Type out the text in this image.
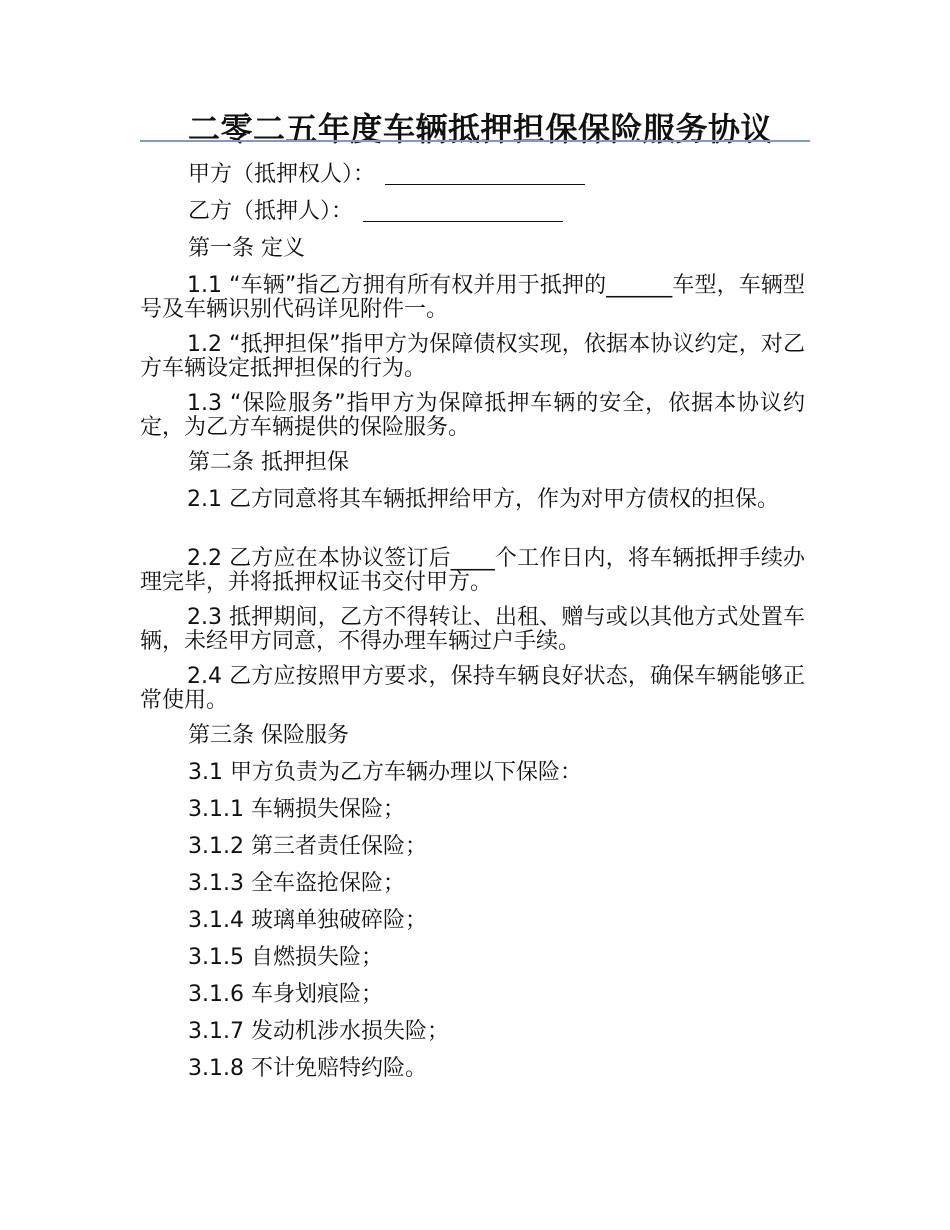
二零二五年度车辆抵押担保保险服务协议
甲方（抵押权人）：
乙方（抵押人）：
第一条 定义
1.1 “车辆”指乙方拥有所有权并用于抵押的______车型，车辆型号及车辆识别代码详见附件一。
1.2 “抵押担保”指甲方为保障债权实现，依据本协议约定，对乙方车辆设定抵押担保的行为。
1.3 “保险服务”指甲方为保障抵押车辆的安全，依据本协议约定，为乙方车辆提供的保险服务。
第二条 抵押担保
2.1 乙方同意将其车辆抵押给甲方，作为对甲方债权的担保。
2.2 乙方应在本协议签订后____个工作日内，将车辆抵押手续办理完毕，并将抵押权证书交付甲方。
2.3 抵押期间，乙方不得转让、出租、赠与或以其他方式处置车辆，未经甲方同意，不得办理车辆过户手续。
2.4 乙方应按照甲方要求，保持车辆良好状态，确保车辆能够正常使用。
第三条 保险服务
3.1 甲方负责为乙方车辆办理以下保险：
3.1.1 车辆损失保险；
3.1.2 第三者责任保险；
3.1.3 全车盗抢保险；
3.1.4 玻璃单独破碎险；
3.1.5 自燃损失险；
3.1.6 车身划痕险；
3.1.7 发动机涉水损失险；
3.1.8 不计免赔特约险。
